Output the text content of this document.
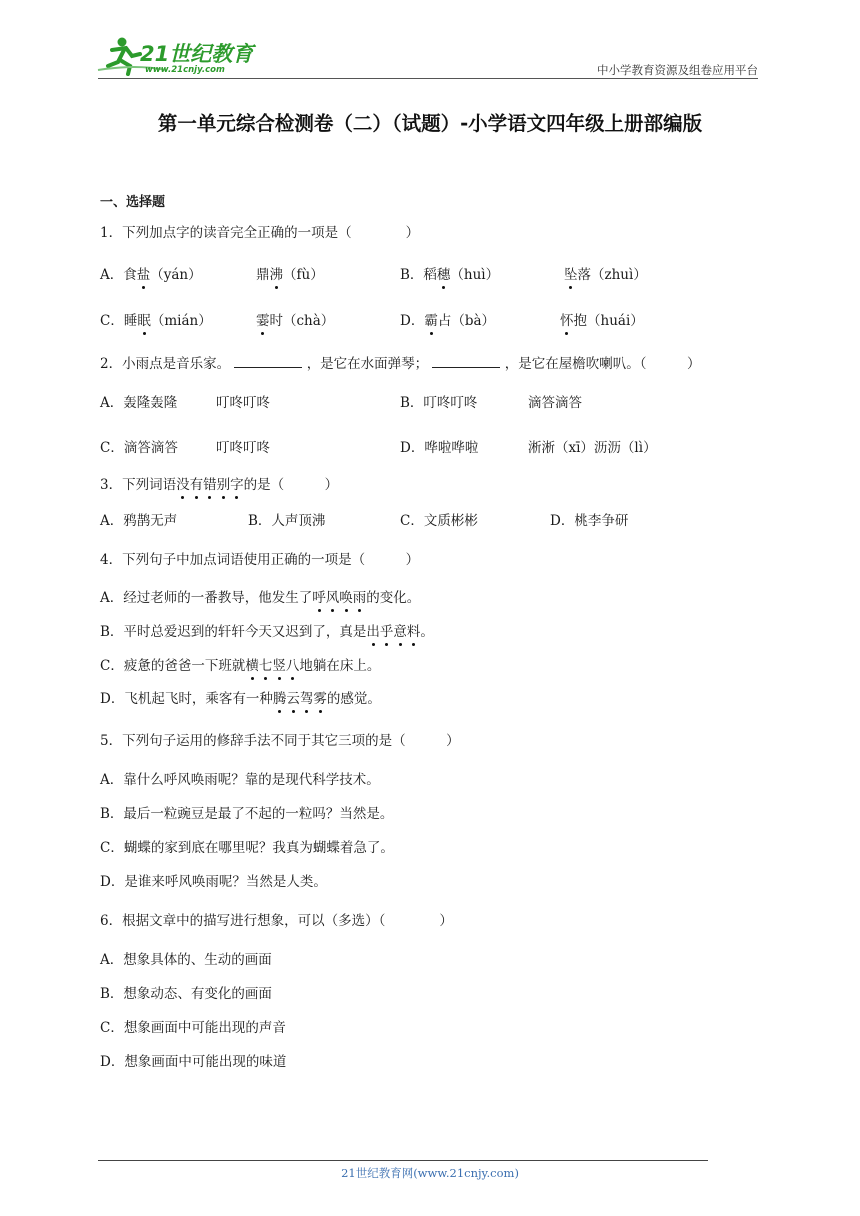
21世纪教育
www.21cnjy.com	中小学教育资源及组卷应用平台
第一单元综合检测卷（二）（试题）-小学语文四年级上册部编版
一、选择题
1．下列加点字的读音完全正确的一项是（　　　　）
A．食盐（yán）	鼎沸（fù）	B．稻穗（huì）	坠落（zhuì）
C．睡眠（mián）	霎时（chà）	D．霸占（bà）	怀抱（huái）
2．小雨点是音乐家。	，是它在水面弹琴；	，是它在屋檐吹喇叭。（　　　）
A．轰隆轰隆	叮咚叮咚	B．叮咚叮咚	滴答滴答
C．滴答滴答	叮咚叮咚	D．哗啦哗啦	淅淅（xī）沥沥（lì）
3．下列词语没有错别字的是（　　　）
A．鸦鹊无声	B．人声顶沸	C．文质彬彬	D．桃李争研
4．下列句子中加点词语使用正确的一项是（　　　）
A．经过老师的一番教导，他发生了呼风唤雨的变化。
B．平时总爱迟到的轩轩今天又迟到了，真是出乎意料。
C．疲惫的爸爸一下班就横七竖八地躺在床上。
D．飞机起飞时，乘客有一种腾云驾雾的感觉。
5．下列句子运用的修辞手法不同于其它三项的是（　　　）
A．靠什么呼风唤雨呢？靠的是现代科学技术。
B．最后一粒豌豆是最了不起的一粒吗？当然是。
C．蝴蝶的家到底在哪里呢？我真为蝴蝶着急了。
D．是谁来呼风唤雨呢？当然是人类。
6．根据文章中的描写进行想象，可以（多选）（　　　　）
A．想象具体的、生动的画面
B．想象动态、有变化的画面
C．想象画面中可能出现的声音
D．想象画面中可能出现的味道
21世纪教育网(www.21cnjy.com)
